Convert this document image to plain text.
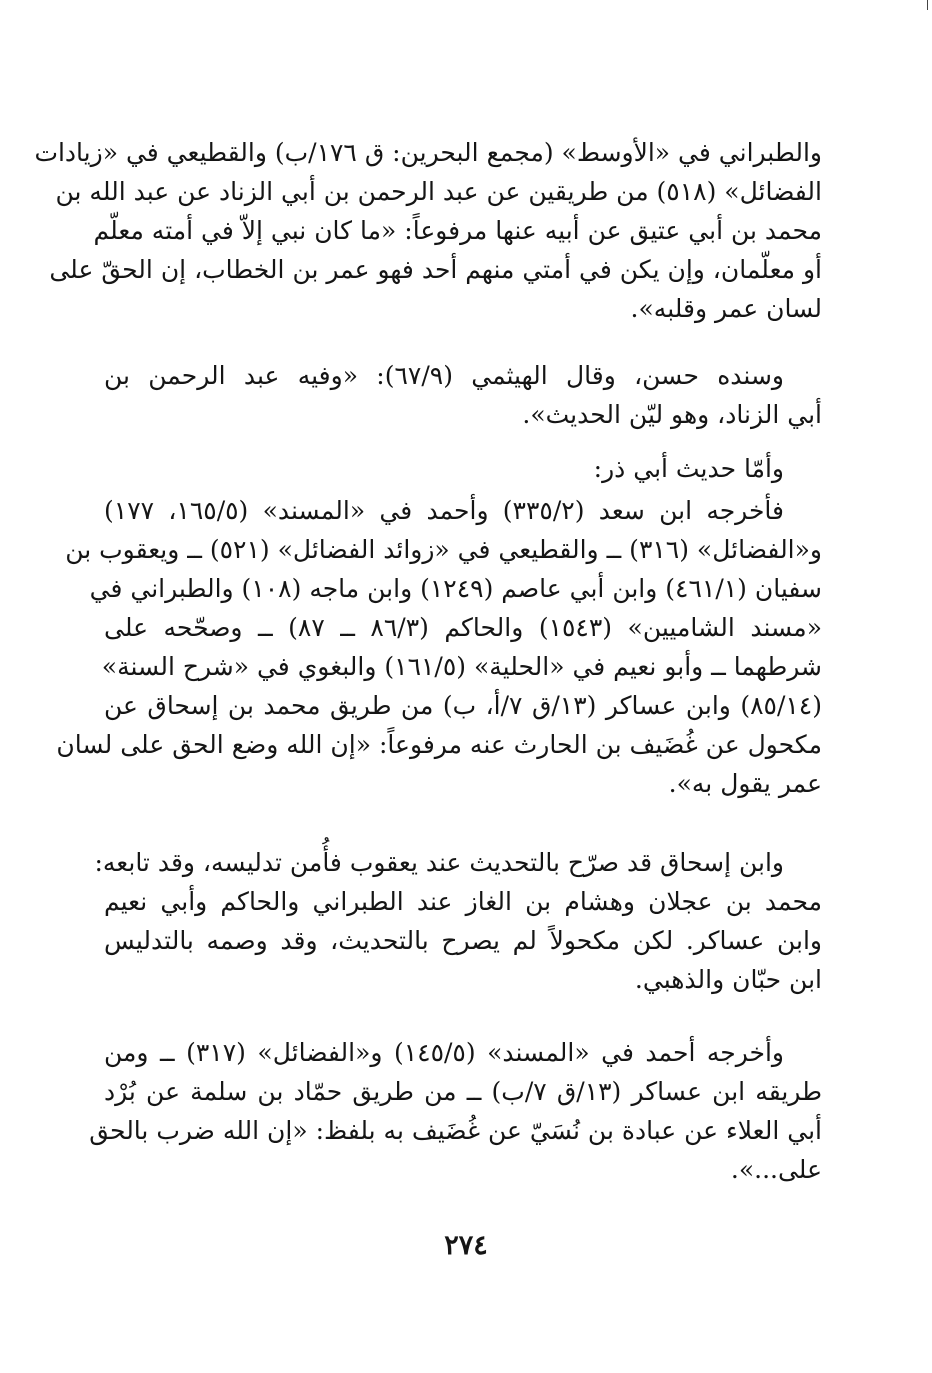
والطبراني في «الأوسط» (مجمع البحرين: ق ١٧٦/ب) والقطيعي في «زيادات
الفضائل» (٥١٨) من طريقين عن عبد الرحمن بن أبي الزناد عن عبد الله بن
محمد بن أبي عتيق عن أبيه عنها مرفوعاً: «ما كان نبي إلاّ في أمته معلّم
أو معلّمان، وإن يكن في أمتي منهم أحد فهو عمر بن الخطاب، إن الحقّ على
لسان عمر وقلبه».
وسنده حسن، وقال الهيثمي (٦٧/٩): «وفيه عبد الرحمن بن
أبي الزناد، وهو ليّن الحديث».
وأمّا حديث أبي ذر:
فأخرجه ابن سعد (٣٣٥/٢) وأحمد في «المسند» (١٦٥/٥، ١٧٧)
و«الفضائل» (٣١٦) ــ والقطيعي في «زوائد الفضائل» (٥٢١) ــ ويعقوب بن
سفيان (٤٦١/١) وابن أبي عاصم (١٢٤٩) وابن ماجه (١٠٨) والطبراني في
«مسند الشاميين» (١٥٤٣) والحاكم (٨٦/٣ ــ ٨٧) ــ وصحّحه على
شرطهما ــ وأبو نعيم في «الحلية» (١٦١/٥) والبغوي في «شرح السنة»
(٨٥/١٤) وابن عساكر (١٣/ق ٧/أ، ب) من طريق محمد بن إسحاق عن
مكحول عن غُضَيف بن الحارث عنه مرفوعاً: «إن الله وضع الحق على لسان
عمر يقول به».
وابن إسحاق قد صرّح بالتحديث عند يعقوب فأُمن تدليسه، وقد تابعه:
محمد بن عجلان وهشام بن الغاز عند الطبراني والحاكم وأبي نعيم
وابن عساكر. لكن مكحولاً لم يصرح بالتحديث، وقد وصمه بالتدليس
ابن حبّان والذهبي.
وأخرجه أحمد في «المسند» (١٤٥/٥) و«الفضائل» (٣١٧) ــ ومن
طريقه ابن عساكر (١٣/ق ٧/ب) ــ من طريق حمّاد بن سلمة عن بُرْد
أبي العلاء عن عبادة بن نُسَيّ عن غُضَيف به بلفظ: «إن الله ضرب بالحق
على...».
٢٧٤
